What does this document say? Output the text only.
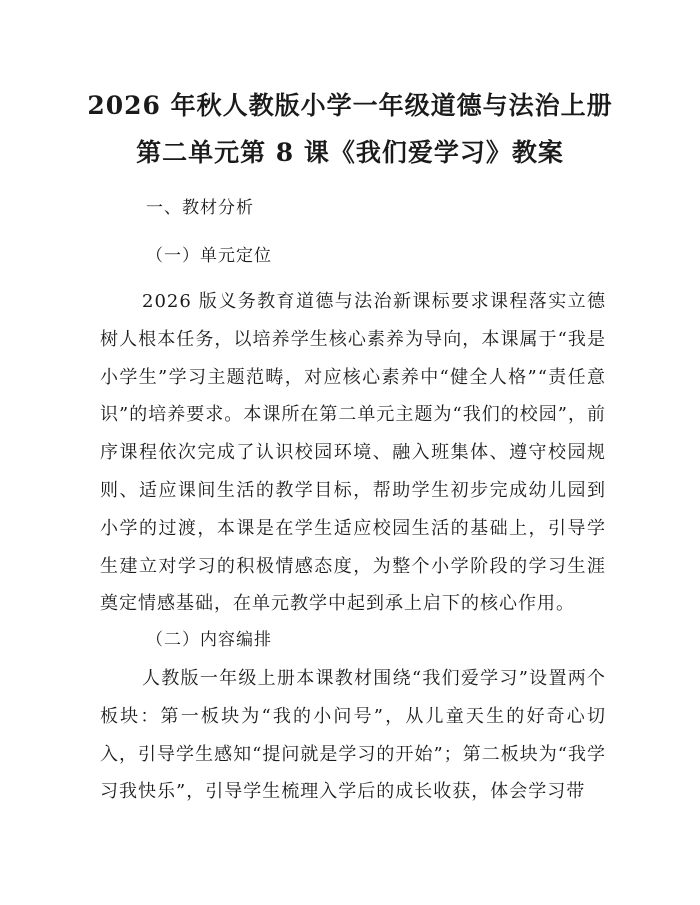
2026 年秋人教版小学一年级道德与法治上册
第二单元第 8 课《我们爱学习》教案
一、教材分析
（一）单元定位
2026 版义务教育道德与法治新课标要求课程落实立德树人根本任务，以培养学生核心素养为导向，本课属于“我是小学生”学习主题范畴，对应核心素养中“健全人格”“责任意识”的培养要求。本课所在第二单元主题为“我们的校园”，前序课程依次完成了认识校园环境、融入班集体、遵守校园规则、适应课间生活的教学目标，帮助学生初步完成幼儿园到小学的过渡，本课是在学生适应校园生活的基础上，引导学生建立对学习的积极情感态度，为整个小学阶段的学习生涯奠定情感基础，在单元教学中起到承上启下的核心作用。
（二）内容编排
人教版一年级上册本课教材围绕“我们爱学习”设置两个板块：第一板块为“我的小问号”，从儿童天生的好奇心切入，引导学生感知“提问就是学习的开始”；第二板块为“我学习我快乐”，引导学生梳理入学后的成长收获，体会学习带
